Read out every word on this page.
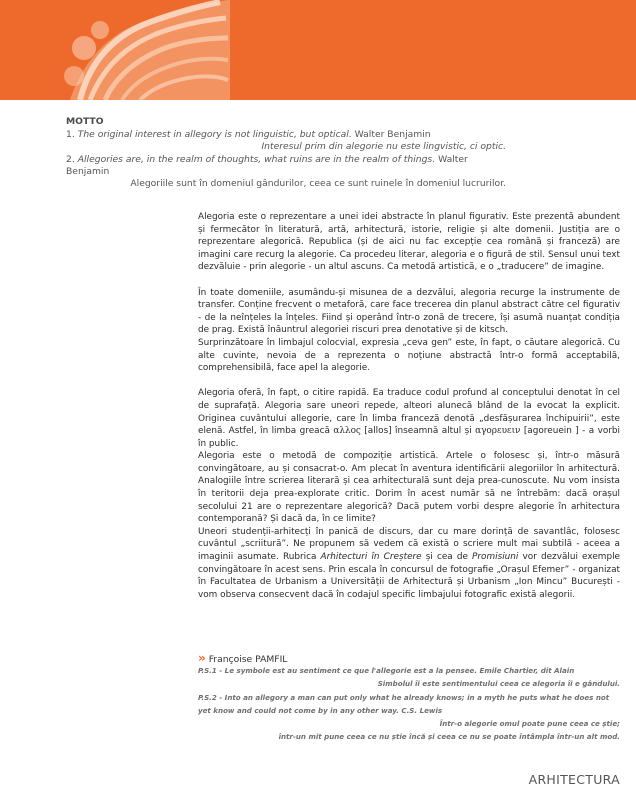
MOTTO
1. The original interest in allegory is not linguistic, but optical. Walter Benjamin
Interesul prim din alegorie nu este lingvistic, ci optic.
2. Allegories are, in the realm of thoughts, what ruins are in the realm of things. Walter Benjamin
Alegoriile sunt în domeniul gândurilor, ceea ce sunt ruinele în domeniul lucrurilor.

Alegoria este o reprezentare a unei idei abstracte în planul figurativ. Este prezentă abundent și fermecător în literatură, artă, arhitectură, istorie, religie și alte domenii. Justiția are o reprezentare alegorică. Republica (și de aici nu fac excepție cea română și franceză) are imagini care recurg la alegorie. Ca procedeu literar, alegoria e o figură de stil. Sensul unui text dezvăluie - prin alegorie - un altul ascuns. Ca metodă artistică, e o „traducere” de imagine.

În toate domeniile, asumându-și misunea de a dezvălui, alegoria recurge la instrumente de transfer. Conține frecvent o metaforă, care face trecerea din planul abstract către cel figurativ - de la neînțeles la înțeles. Fiind și operând într-o zonă de trecere, își asumă nuanțat condiția de prag. Există înăuntrul alegoriei riscuri prea denotative și de kitsch.

Surprinzătoare în limbajul colocvial, expresia „ceva gen” este, în fapt, o căutare alegorică. Cu alte cuvinte, nevoia de a reprezenta o noțiune abstractă într-o formă acceptabilă, comprehensibilă, face apel la alegorie.

Alegoria oferă, în fapt, o citire rapidă. Ea traduce codul profund al conceptului denotat în cel de suprafață. Alegoria sare uneori repede, alteori alunecă blând de la evocat la explicit. Originea cuvântului allegorie, care în limba franceză denotă „desfășurarea închipuirii”, este elenă. Astfel, în limba greacă αλλος [allos] înseamnă altul și αγορευειν [agoreuein ] - a vorbi în public.

Alegoria este o metodă de compoziție artistică. Artele o folosesc și, într-o măsură convingătoare, au și consacrat-o. Am plecat în aventura identificării alegoriilor în arhitectură. Analogiile între scrierea literară și cea arhitecturală sunt deja prea-cunoscute. Nu vom insista în teritorii deja prea-explorate critic. Dorim în acest număr să ne întrebăm: dacă orașul secolului 21 are o reprezentare alegorică? Dacă putem vorbi despre alegorie în arhitectura contemporană? Și dacă da, în ce limite?

Uneori studenții-arhitecți în panică de discurs, dar cu mare dorință de savantlâc, folosesc cuvântul „scriitură”. Ne propunem să vedem că există o scriere mult mai subtilă - aceea a imaginii asumate. Rubrica Arhitecturi în Creștere și cea de Promisiuni vor dezvălui exemple convingătoare în acest sens. Prin escala în concursul de fotografie „Orașul Efemer” - organizat în Facultatea de Urbanism a Universității de Arhitectură și Urbanism „Ion Mincu” București - vom observa consecvent dacă în codajul specific limbajului fotografic există alegorii.

» Françoise PAMFIL
P.S.1 - Le symbole est au sentiment ce que l'allegorie est a la pensee. Emile Chartier, dit Alain
Simbolul îi este sentimentului ceea ce alegoria îi e gândului.
P.S.2 - Into an allegory a man can put only what he already knows; in a myth he puts what he does not yet know and could not come by in any other way. C.S. Lewis
Într-o alegorie omul poate pune ceea ce știe;
într-un mit pune ceea ce nu știe încă și ceea ce nu se poate întâmpla într-un alt mod.
ARHITECTURA
